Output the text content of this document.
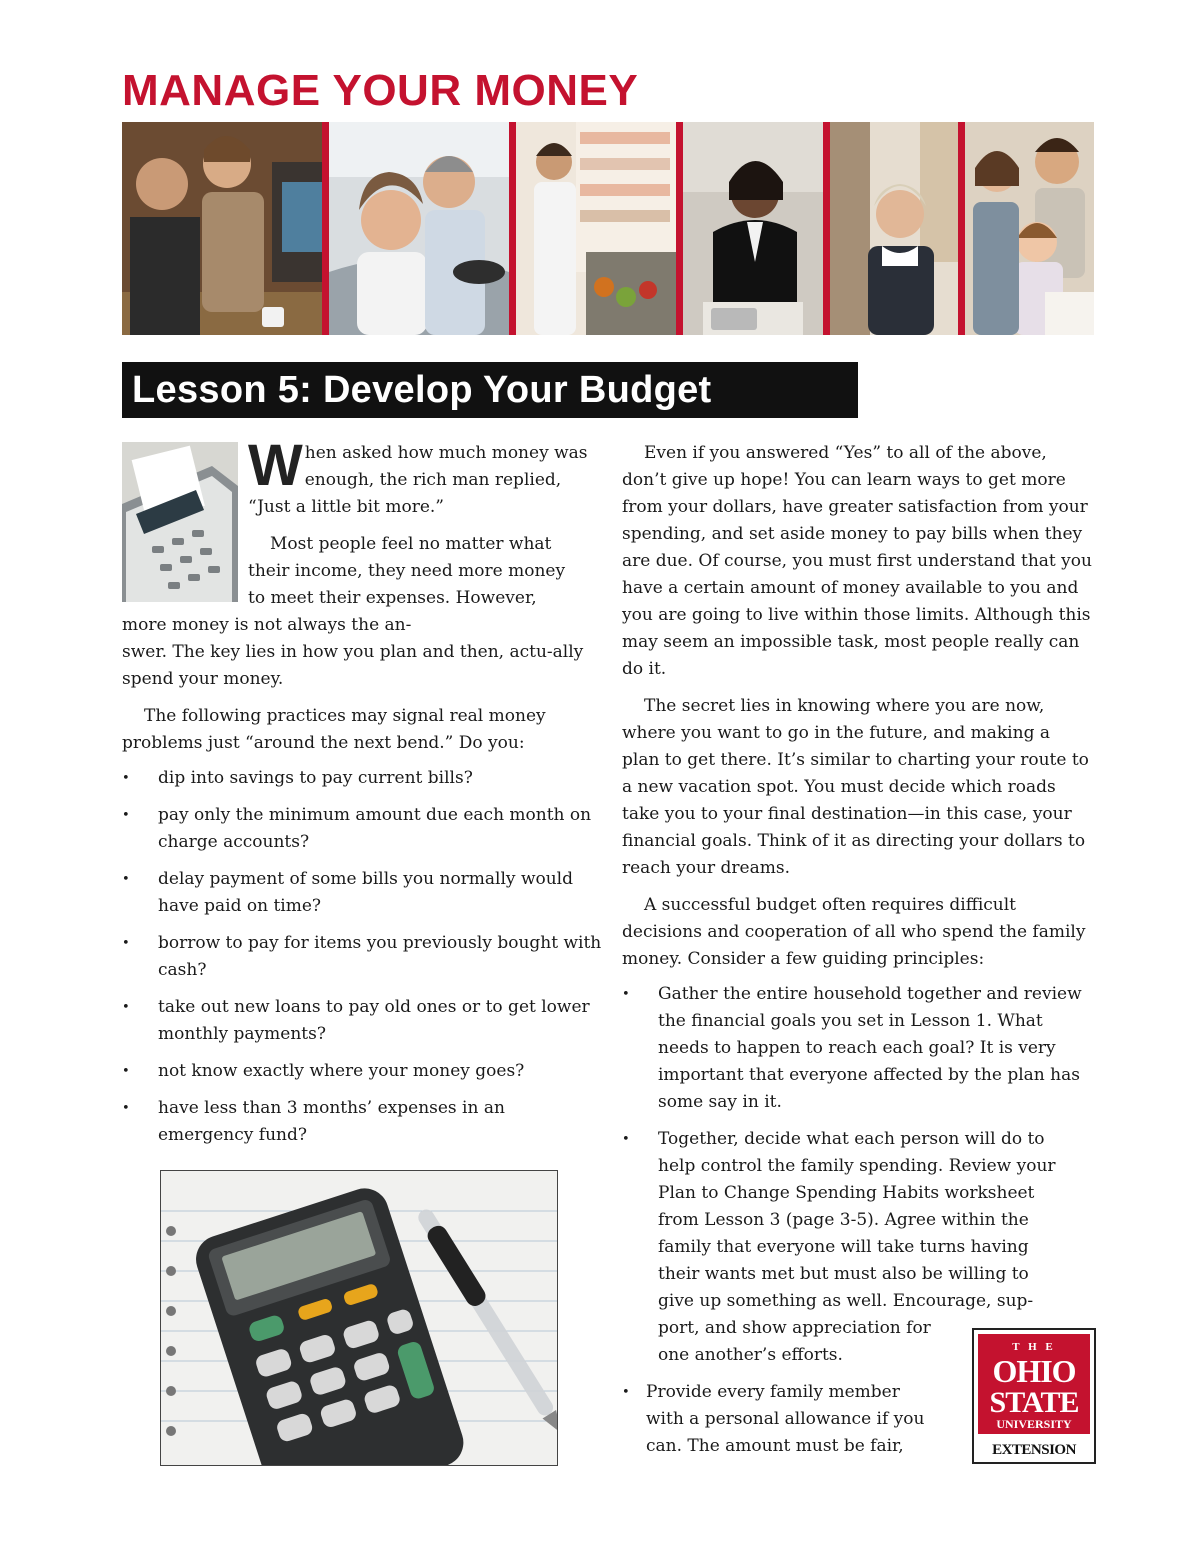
MANAGE YOUR MONEY
Lesson 5: Develop Your Budget

When asked how much money was enough, the rich man replied, “Just a little bit more.”

Most people feel no matter what

their income, they need more money

to meet their expenses. However,

more money is not always the an-

swer. The key lies in how you plan and then, actu-ally spend your money.

The following practices may signal real money problems just “around the next bend.” Do you:

• dip into savings to pay current bills?
• pay only the minimum amount due each month on charge accounts?
• delay payment of some bills you normally would have paid on time?
• borrow to pay for items you previously bought with cash?
• take out new loans to pay old ones or to get lower monthly payments?
• not know exactly where your money goes?
• have less than 3 months’ expenses in an emergency fund?

Even if you answered “Yes” to all of the above, don’t give up hope! You can learn ways to get more from your dollars, have greater satisfaction from your spending, and set aside money to pay bills when they are due. Of course, you must first understand that you have a certain amount of money available to you and you are going to live within those limits. Although this may seem an impossible task, most people really can do it.

The secret lies in knowing where you are now, where you want to go in the future, and making a plan to get there. It’s similar to charting your route to a new vacation spot. You must decide which roads take you to your final destination—in this case, your financial goals. Think of it as directing your dollars to reach your dreams.

A successful budget often requires difficult decisions and cooperation of all who spend the family money. Consider a few guiding principles:

• Gather the entire household together and review the financial goals you set in Lesson 1. What needs to happen to reach each goal? It is very important that everyone affected by the plan has some say in it.
• Together, decide what each person will do to
help control the family spending. Review your
Plan to Change Spending Habits worksheet
from Lesson 3 (page 3-5). Agree within the
family that everyone will take turns having
their wants met but must also be willing to
give up something as well. Encourage, sup-
port, and show appreciation for
one another’s efforts.
• Provide every family member
with a personal allowance if you
can. The amount must be fair,
T H E
OHIO
STATE
UNIVERSITY
EXTENSION
